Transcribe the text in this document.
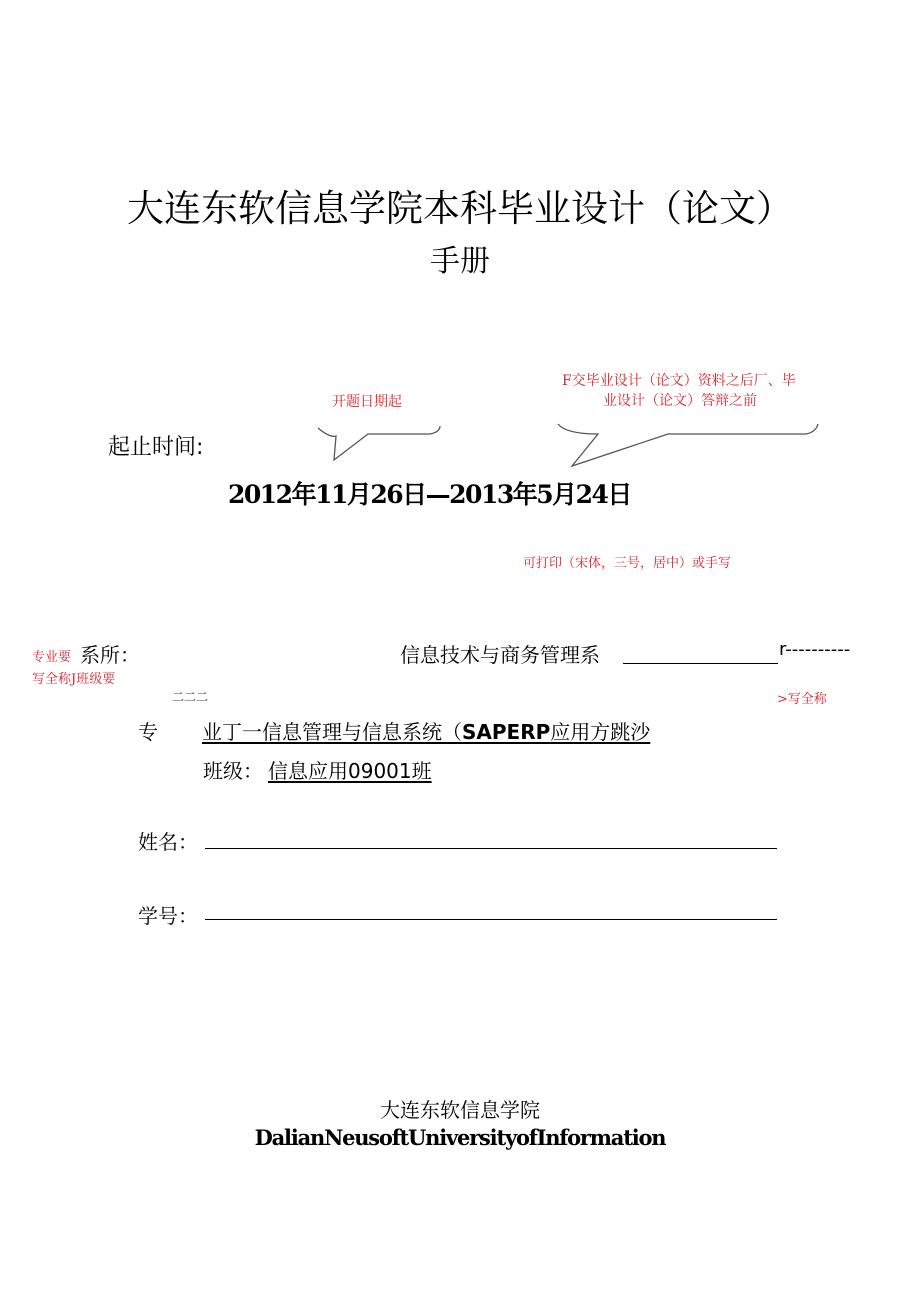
大连东软信息学院本科毕业设计（论文）
手册
开题日期起
F交毕业设计（论文）资料之后厂、毕
业设计（论文）答辩之前
起止时间:
2012年11月26日—2013年5月24日
可打印（宋体，三号，居中）或手写
专业要 系所：	信息技术与商务管理系	r----------
写全称J班级要
二二二	>写全称
专 业丁一信息管理与信息系统（SAPERP应用方跳沙
班级： 信息应用09001班
姓名：
学号：
大连东软信息学院
DalianNeusoftUniversityofInformation
